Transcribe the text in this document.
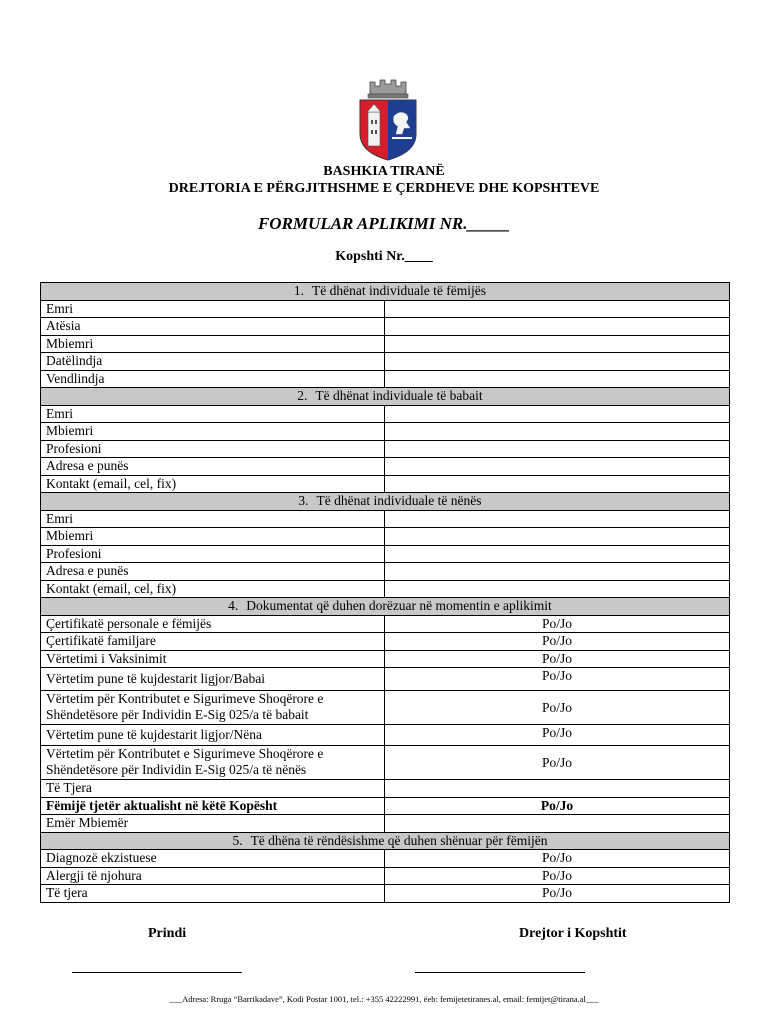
BASHKIA TIRANË
DREJTORIA E PËRGJITHSHME E ÇERDHEVE DHE KOPSHTEVE
FORMULAR APLIKIMI NR._____
Kopshti Nr.____
1. Të dhënat individuale të fëmijës	
Emri	
Atësia	
Mbiemri	
Datëlindja	
Vendlindja	
2. Të dhënat individuale të babait	
Emri	
Mbiemri	
Profesioni	
Adresa e punës	
Kontakt (email, cel, fix)	
3. Të dhënat individuale të nënës	
Emri	
Mbiemri	
Profesioni	
Adresa e punës	
Kontakt (email, cel, fix)	
4. Dokumentat që duhen dorëzuar në momentin e aplikimit	
Çertifikatë personale e fëmijës	Po/Jo
Çertifikatë familjare	Po/Jo
Vërtetimi i Vaksinimit	Po/Jo
Vërtetim pune të kujdestarit ligjor/Babai	Po/Jo

Vërtetim për Kontributet e Sigurimeve Shoqërore e
Shëndetësore për Individin E-Sig 025/a të babait	Po/Jo
Vërtetim pune të kujdestarit ligjor/Nëna	Po/Jo

Vërtetim për Kontributet e Sigurimeve Shoqërore e
Shëndetësore për Individin E-Sig 025/a të nënës	Po/Jo
Të Tjera	
Fëmijë tjetër aktualisht në këtë Kopësht	Po/Jo
Emër Mbiemër	
5. Të dhëna të rëndësishme që duhen shënuar për fëmijën	
Diagnozë ekzistuese	Po/Jo
Alergji të njohura	Po/Jo
Të tjera	Po/Jo
Prindi	Drejtor i Kopshtit
___Adresa: Rruga “Barrikadave”, Kodi Postar 1001, tel.: +355 42222991, ëeb: femijetetiranes.al, email: femijet@tirana.al___
